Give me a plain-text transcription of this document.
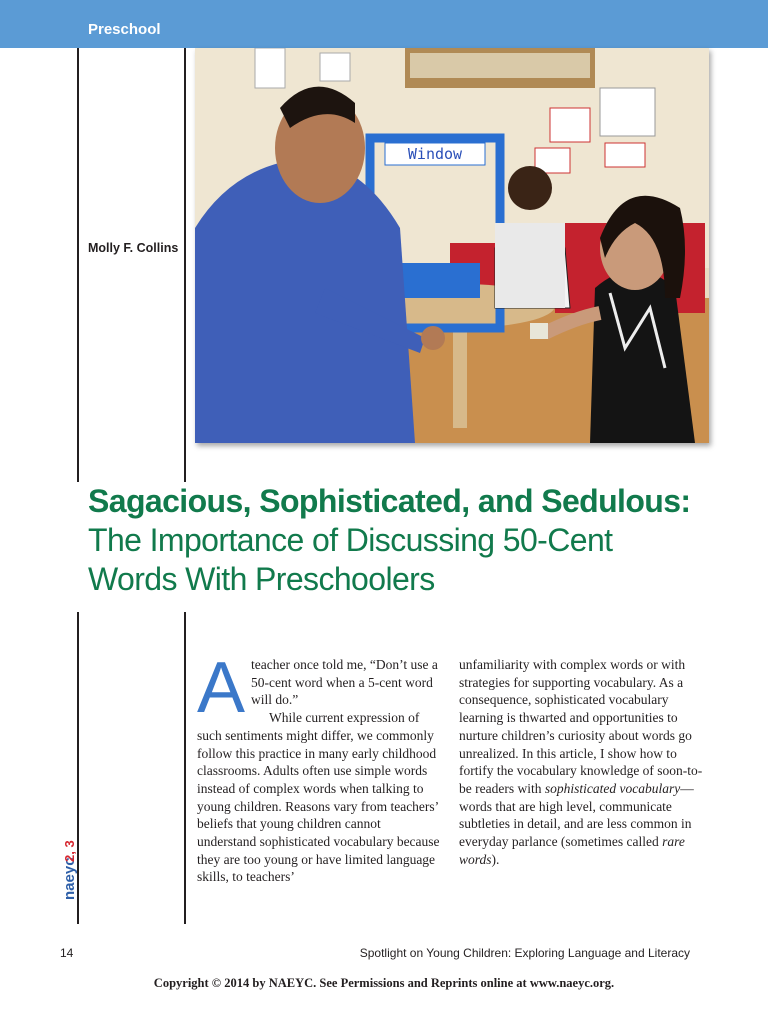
Preschool
Molly F. Collins
Window
Sagacious, Sophisticated, and Sedulous:
The Importance of Discussing 50-Cent
Words With Preschoolers
A teacher once told me, “Don’t use a 50-cent word when a 5-cent word will do.”
While current expression of such sentiments might differ, we commonly follow this practice in many early childhood classrooms. Adults often use simple words instead of complex words when talking to young children. Reasons vary from teachers’ beliefs that young children cannot understand sophisticated vocabulary because they are too young or have limited language skills, to teachers’
unfamiliarity with complex words or with strategies for supporting vocabulary. As a consequence, sophisticated vocabulary learning is thwarted and opportunities to nurture children’s curiosity about words go unrealized. In this article, I show how to fortify the vocabulary knowledge of soon-to-be readers with sophisticated vocabulary—words that are high level, communicate subtleties in detail, and are less common in everyday parlance (sometimes called rare words).
naeyc
2, 3
14	Spotlight on Young Children: Exploring Language and Literacy
Copyright © 2014 by NAEYC. See Permissions and Reprints online at www.naeyc.org.
